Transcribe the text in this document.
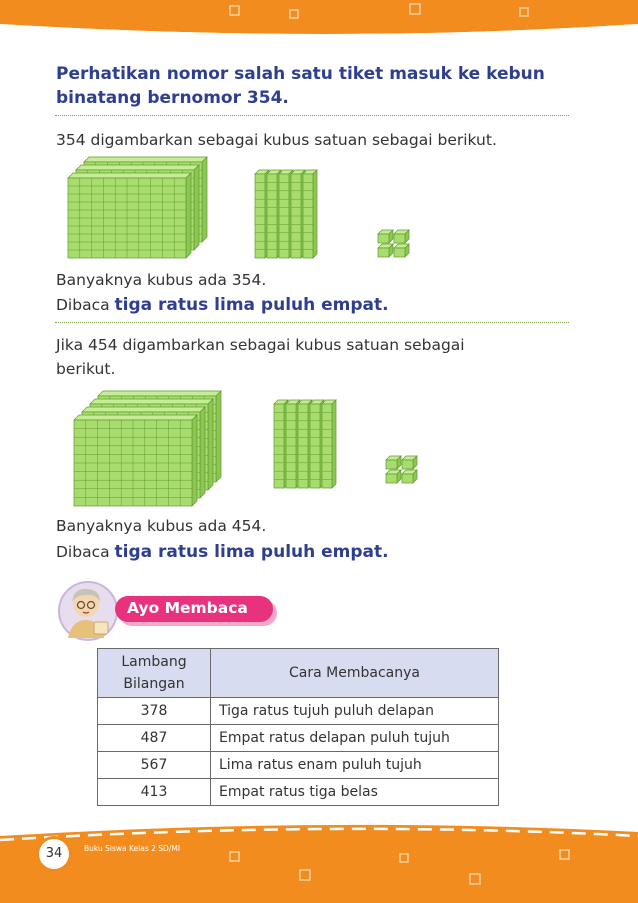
Perhatikan nomor salah satu tiket masuk ke kebun
binatang bernomor 354.
354 digambarkan sebagai kubus satuan sebagai berikut.
Banyaknya kubus ada 354.
Dibaca tiga ratus lima puluh empat.
Jika 454 digambarkan sebagai kubus satuan sebagai
berikut.
Banyaknya kubus ada 454.
Dibaca tiga ratus lima puluh empat.
Ayo Membaca
Lambang
Bilangan	Cara Membacanya
378	Tiga ratus tujuh puluh delapan
487	Empat ratus delapan puluh tujuh
567	Lima ratus enam puluh tujuh
413	Empat ratus tiga belas
34	Buku Siswa Kelas 2 SD/MI
